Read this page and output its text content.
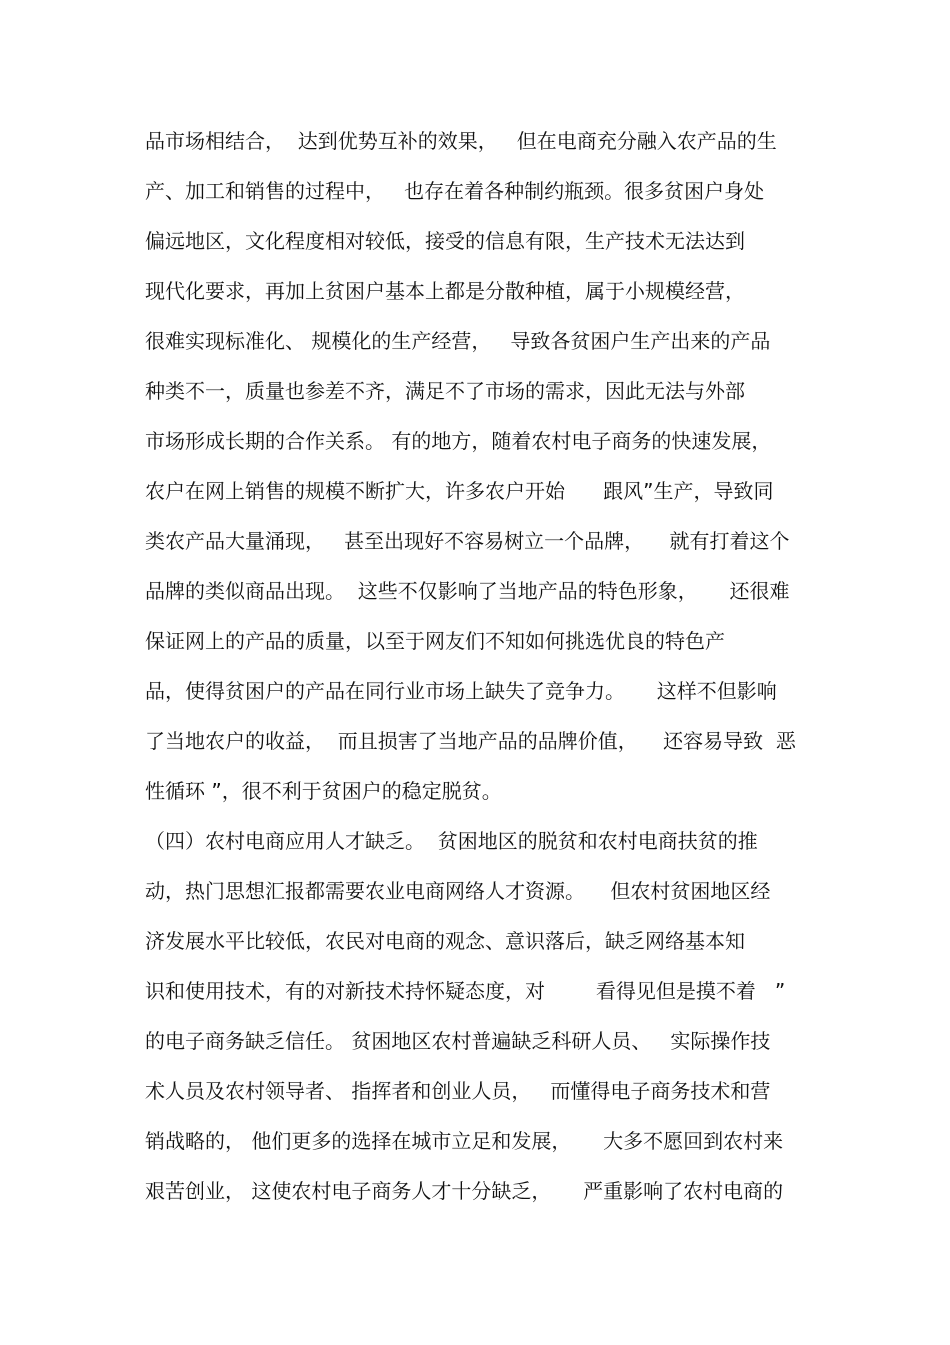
品市场相结合，  达到优势互补的效果，   但在电商充分融入农产品的生
产、加工和销售的过程中，   也存在着各种制约瓶颈。很多贫困户身处
偏远地区，文化程度相对较低，接受的信息有限，生产技术无法达到
现代化要求，再加上贫困户基本上都是分散种植，属于小规模经营，
很难实现标准化、 规模化的生产经营，   导致各贫困户生产出来的产品
种类不一，质量也参差不齐，满足不了市场的需求，因此无法与外部
市场形成长期的合作关系。 有的地方，随着农村电子商务的快速发展，
农户在网上销售的规模不断扩大，许多农户开始      跟风”生产，导致同
类农产品大量涌现，   甚至出现好不容易树立一个品牌，    就有打着这个
品牌的类似商品出现。  这些不仅影响了当地产品的特色形象，     还很难
保证网上的产品的质量，以至于网友们不知如何挑选优良的特色产
品，使得贫困户的产品在同行业市场上缺失了竞争力。     这样不但影响
了当地农户的收益，  而且损害了当地产品的品牌价值，    还容易导致  恶
性循环 ”，很不利于贫困户的稳定脱贫。
（四）农村电商应用人才缺乏。  贫困地区的脱贫和农村电商扶贫的推
动，热门思想汇报都需要农业电商网络人才资源。    但农村贫困地区经
济发展水平比较低，农民对电商的观念、意识落后，缺乏网络基本知
识和使用技术，有的对新技术持怀疑态度，对        看得见但是摸不着   ”
的电子商务缺乏信任。 贫困地区农村普遍缺乏科研人员、   实际操作技
术人员及农村领导者、 指挥者和创业人员，   而懂得电子商务技术和营
销战略的， 他们更多的选择在城市立足和发展，     大多不愿回到农村来
艰苦创业， 这使农村电子商务人才十分缺乏，     严重影响了农村电商的
